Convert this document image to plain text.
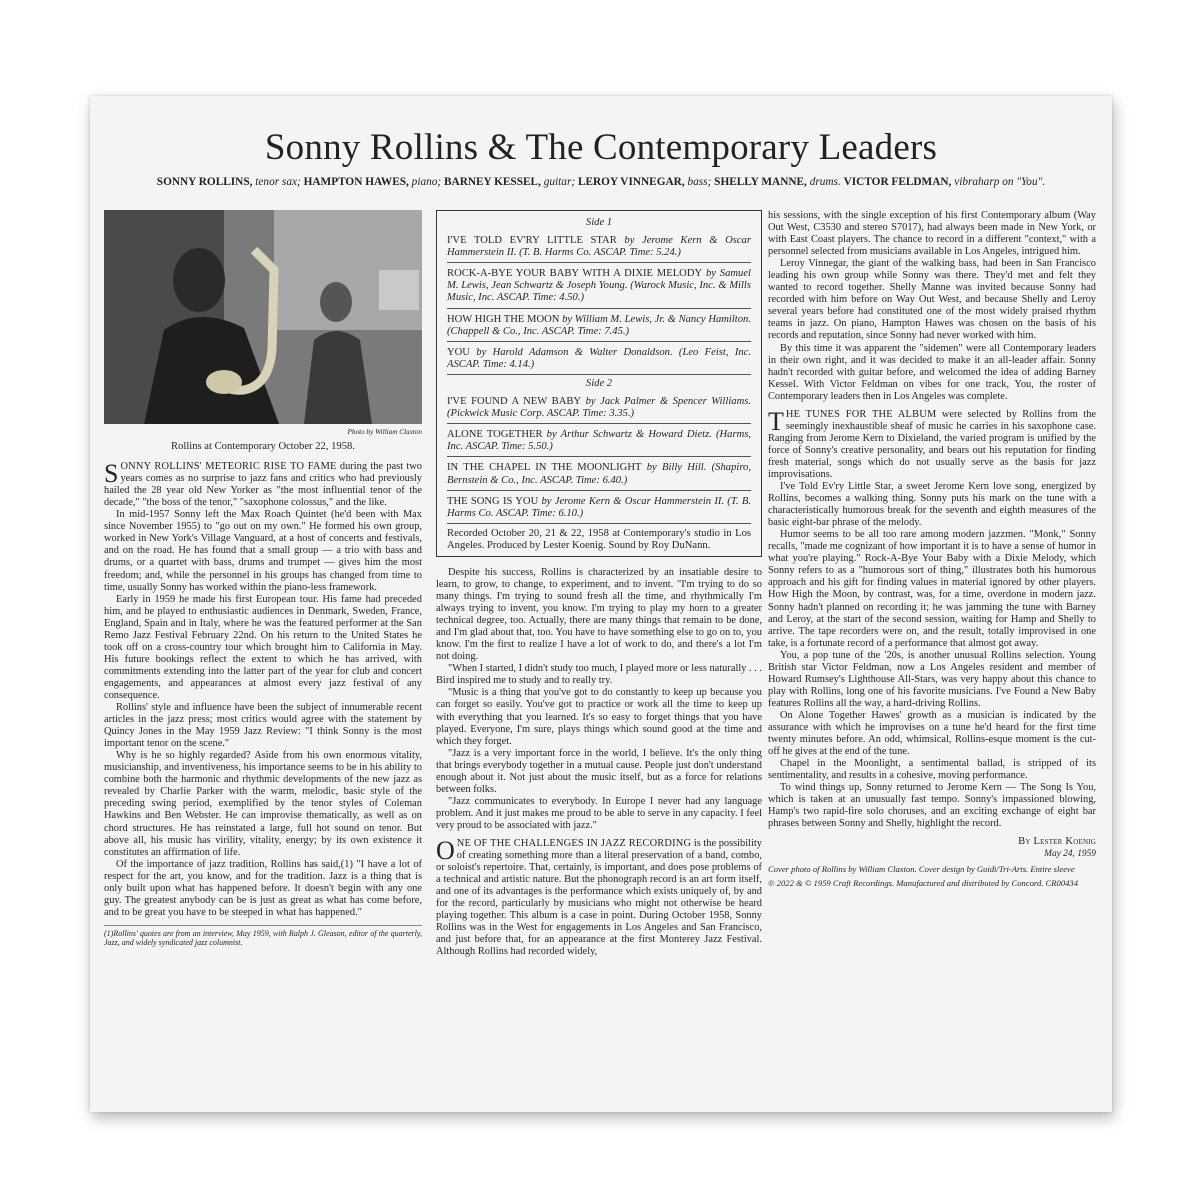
Sonny Rollins & The Contemporary Leaders
SONNY ROLLINS, tenor sax; HAMPTON HAWES, piano; BARNEY KESSEL, guitar; LEROY VINNEGAR, bass; SHELLY MANNE, drums. VICTOR FELDMAN, vibraharp on "You".
Photo by William Claxton
Rollins at Contemporary October 22, 1958.

SONNY ROLLINS' METEORIC RISE TO FAME during the past two years comes as no surprise to jazz fans and critics who had previously hailed the 28 year old New Yorker as "the most influential tenor of the decade," "the boss of the tenor," "saxophone colossus," and the like.

In mid-1957 Sonny left the Max Roach Quintet (he'd been with Max since November 1955) to "go out on my own." He formed his own group, worked in New York's Village Vanguard, at a host of concerts and festivals, and on the road. He has found that a small group — a trio with bass and drums, or a quartet with bass, drums and trumpet — gives him the most freedom; and, while the personnel in his groups has changed from time to time, usually Sonny has worked within the piano-less framework.

Early in 1959 he made his first European tour. His fame had preceded him, and he played to enthusiastic audiences in Denmark, Sweden, France, England, Spain and in Italy, where he was the featured performer at the San Remo Jazz Festival February 22nd. On his return to the United States he took off on a cross-country tour which brought him to California in May. His future bookings reflect the extent to which he has arrived, with commitments extending into the latter part of the year for club and concert engagements, and appearances at almost every jazz festival of any consequence.

Rollins' style and influence have been the subject of innumerable recent articles in the jazz press; most critics would agree with the statement by Quincy Jones in the May 1959 Jazz Review: "I think Sonny is the most important tenor on the scene."

Why is he so highly regarded? Aside from his own enormous vitality, musicianship, and inventiveness, his importance seems to be in his ability to combine both the harmonic and rhythmic developments of the new jazz as revealed by Charlie Parker with the warm, melodic, basic style of the preceding swing period, exemplified by the tenor styles of Coleman Hawkins and Ben Webster. He can improvise thematically, as well as on chord structures. He has reinstated a large, full hot sound on tenor. But above all, his music has virility, vitality, energy; by its own existence it constitutes an affirmation of life.

Of the importance of jazz tradition, Rollins has said,(1) "I have a lot of respect for the art, you know, and for the tradition. Jazz is a thing that is only built upon what has happened before. It doesn't begin with any one guy. The greatest anybody can be is just as great as what has come before, and to be great you have to be steeped in what has happened."

(1)Rollins' quotes are from an interview, May 1959, with Ralph J. Gleason, editor of the quarterly, Jazz, and widely syndicated jazz columnist.
Side 1
I'VE TOLD EV'RY LITTLE STAR by Jerome Kern & Oscar Hammerstein II. (T. B. Harms Co. ASCAP. Time: 5.24.)
ROCK-A-BYE YOUR BABY WITH A DIXIE MELODY by Samuel M. Lewis, Jean Schwartz & Joseph Young. (Warock Music, Inc. & Mills Music, Inc. ASCAP. Time: 4.50.)
HOW HIGH THE MOON by William M. Lewis, Jr. & Nancy Hamilton. (Chappell & Co., Inc. ASCAP. Time: 7.45.)
YOU by Harold Adamson & Walter Donaldson. (Leo Feist, Inc. ASCAP. Time: 4.14.)
Side 2
I'VE FOUND A NEW BABY by Jack Palmer & Spencer Williams. (Pickwick Music Corp. ASCAP. Time: 3.35.)
ALONE TOGETHER by Arthur Schwartz & Howard Dietz. (Harms, Inc. ASCAP. Time: 5.50.)
IN THE CHAPEL IN THE MOONLIGHT by Billy Hill. (Shapiro, Bernstein & Co., Inc. ASCAP. Time: 6.40.)
THE SONG IS YOU by Jerome Kern & Oscar Hammerstein II. (T. B. Harms Co. ASCAP. Time: 6.10.)
Recorded October 20, 21 & 22, 1958 at Contemporary's studio in Los Angeles. Produced by Lester Koenig. Sound by Roy DuNann.

Despite his success, Rollins is characterized by an insatiable desire to learn, to grow, to change, to experiment, and to invent. "I'm trying to do so many things. I'm trying to sound fresh all the time, and rhythmically I'm always trying to invent, you know. I'm trying to play my horn to a greater technical degree, too. Actually, there are many things that remain to be done, and I'm glad about that, too. You have to have something else to go on to, you know. I'm the first to realize I have a lot of work to do, and there's a lot I'm not doing.

"When I started, I didn't study too much, I played more or less naturally . . . Bird inspired me to study and to really try.

"Music is a thing that you've got to do constantly to keep up because you can forget so easily. You've got to practice or work all the time to keep up with everything that you learned. It's so easy to forget things that you have played. Everyone, I'm sure, plays things which sound good at the time and which they forget.

"Jazz is a very important force in the world, I believe. It's the only thing that brings everybody together in a mutual cause. People just don't understand enough about it. Not just about the music itself, but as a force for relations between folks.

"Jazz communicates to everybody. In Europe I never had any language problem. And it just makes me proud to be able to serve in any capacity. I feel very proud to be associated with jazz."

ONE OF THE CHALLENGES IN JAZZ RECORDING is the possibility of creating something more than a literal preservation of a band, combo, or soloist's repertoire. That, certainly, is important, and does pose problems of a technical and artistic nature. But the phonograph record is an art form itself, and one of its advantages is the performance which exists uniquely of, by and for the record, particularly by musicians who might not otherwise be heard playing together. This album is a case in point. During October 1958, Sonny Rollins was in the West for engagements in Los Angeles and San Francisco, and just before that, for an appearance at the first Monterey Jazz Festival. Although Rollins had recorded widely,

his sessions, with the single exception of his first Contemporary album (Way Out West, C3530 and stereo S7017), had always been made in New York, or with East Coast players. The chance to record in a different "context," with a personnel selected from musicians available in Los Angeles, intrigued him.

Leroy Vinnegar, the giant of the walking bass, had been in San Francisco leading his own group while Sonny was there. They'd met and felt they wanted to record together. Shelly Manne was invited because Sonny had recorded with him before on Way Out West, and because Shelly and Leroy several years before had constituted one of the most widely praised rhythm teams in jazz. On piano, Hampton Hawes was chosen on the basis of his records and reputation, since Sonny had never worked with him.

By this time it was apparent the "sidemen" were all Contemporary leaders in their own right, and it was decided to make it an all-leader affair. Sonny hadn't recorded with guitar before, and welcomed the idea of adding Barney Kessel. With Victor Feldman on vibes for one track, You, the roster of Contemporary leaders then in Los Angeles was complete.

THE TUNES FOR THE ALBUM were selected by Rollins from the seemingly inexhaustible sheaf of music he carries in his saxophone case. Ranging from Jerome Kern to Dixieland, the varied program is unified by the force of Sonny's creative personality, and bears out his reputation for finding fresh material, songs which do not usually serve as the basis for jazz improvisations.

I've Told Ev'ry Little Star, a sweet Jerome Kern love song, energized by Rollins, becomes a walking thing. Sonny puts his mark on the tune with a characteristically humorous break for the seventh and eighth measures of the basic eight-bar phrase of the melody.

Humor seems to be all too rare among modern jazzmen. "Monk," Sonny recalls, "made me cognizant of how important it is to have a sense of humor in what you're playing." Rock-A-Bye Your Baby with a Dixie Melody, which Sonny refers to as a "humorous sort of thing," illustrates both his humorous approach and his gift for finding values in material ignored by other players. How High the Moon, by contrast, was, for a time, overdone in modern jazz. Sonny hadn't planned on recording it; he was jamming the tune with Barney and Leroy, at the start of the second session, waiting for Hamp and Shelly to arrive. The tape recorders were on, and the result, totally improvised in one take, is a fortunate record of a performance that almost got away.

You, a pop tune of the '20s, is another unusual Rollins selection. Young British star Victor Feldman, now a Los Angeles resident and member of Howard Rumsey's Lighthouse All-Stars, was very happy about this chance to play with Rollins, long one of his favorite musicians. I've Found a New Baby features Rollins all the way, a hard-driving Rollins.

On Alone Together Hawes' growth as a musician is indicated by the assurance with which he improvises on a tune he'd heard for the first time twenty minutes before. An odd, whimsical, Rollins-esque moment is the cut-off he gives at the end of the tune.

Chapel in the Moonlight, a sentimental ballad, is stripped of its sentimentality, and results in a cohesive, moving performance.

To wind things up, Sonny returned to Jerome Kern — The Song Is You, which is taken at an unusually fast tempo. Sonny's impassioned blowing, Hamp's two rapid-fire solo choruses, and an exciting exchange of eight bar phrases between Sonny and Shelly, highlight the record.

By Lester Koenig
May 24, 1959
Cover photo of Rollins by William Claxton. Cover design by Guidi/Tri-Arts. Entire sleeve
℗ 2022 & © 1959 Craft Recordings. Manufactured and distributed by Concord. CR00434
